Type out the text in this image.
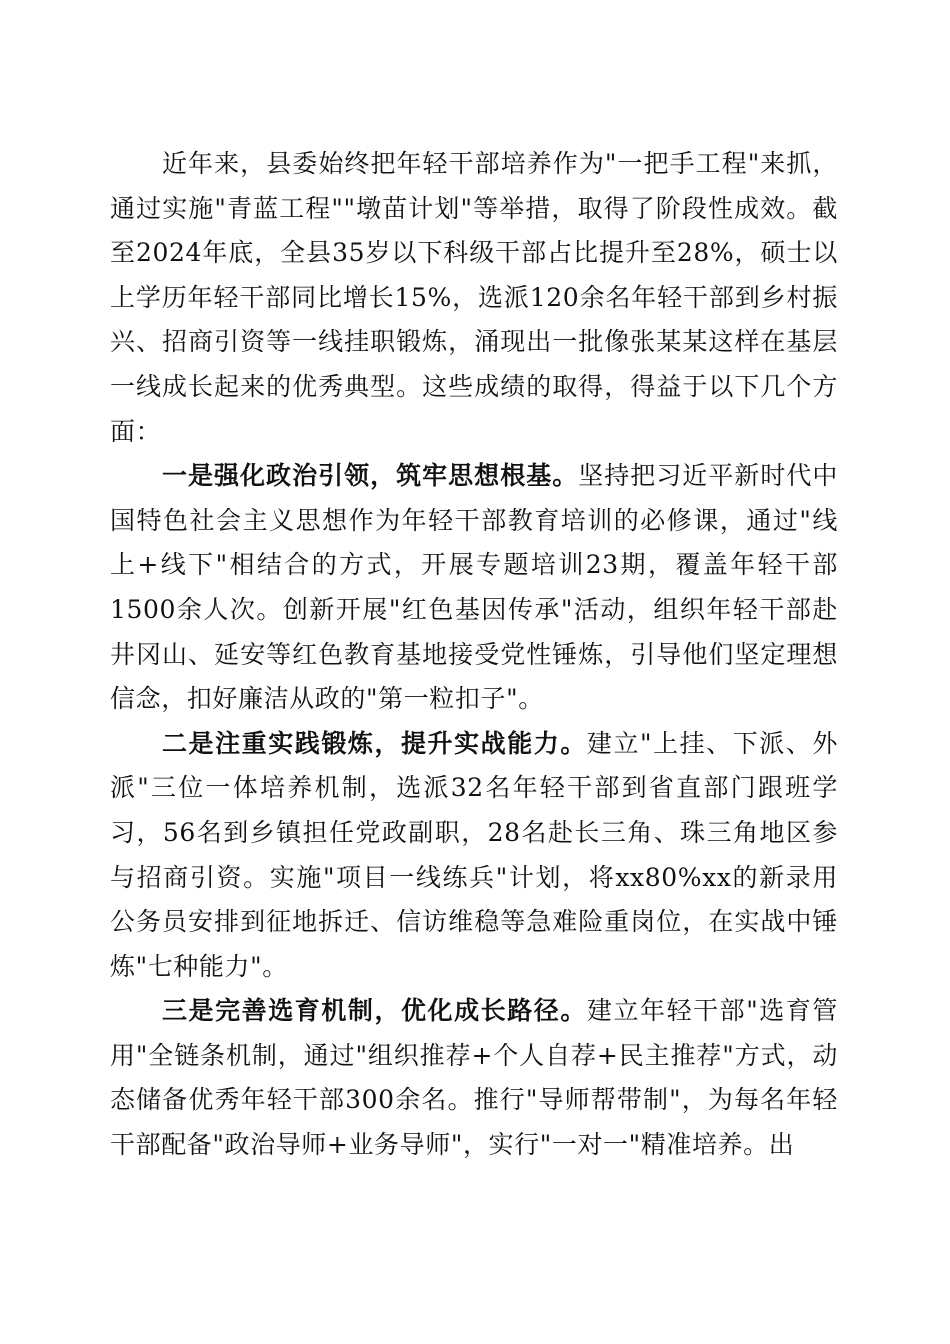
近年来，县委始终把年轻干部培养作为"一把手工程"来抓，通过实施"青蓝工程""墩苗计划"等举措，取得了阶段性成效。截至2024年底，全县35岁以下科级干部占比提升至28%，硕士以上学历年轻干部同比增长15%，选派120余名年轻干部到乡村振兴、招商引资等一线挂职锻炼，涌现出一批像张某某这样在基层一线成长起来的优秀典型。这些成绩的取得，得益于以下几个方面：

一是强化政治引领，筑牢思想根基。坚持把习近平新时代中国特色社会主义思想作为年轻干部教育培训的必修课，通过"线上+线下"相结合的方式，开展专题培训23期，覆盖年轻干部1500余人次。创新开展"红色基因传承"活动，组织年轻干部赴井冈山、延安等红色教育基地接受党性锤炼，引导他们坚定理想信念，扣好廉洁从政的"第一粒扣子"。

二是注重实践锻炼，提升实战能力。建立"上挂、下派、外派"三位一体培养机制，选派32名年轻干部到省直部门跟班学习，56名到乡镇担任党政副职，28名赴长三角、珠三角地区参与招商引资。实施"项目一线练兵"计划，将xx80%xx的新录用公务员安排到征地拆迁、信访维稳等急难险重岗位，在实战中锤炼"七种能力"。

三是完善选育机制，优化成长路径。建立年轻干部"选育管用"全链条机制，通过"组织推荐+个人自荐+民主推荐"方式，动态储备优秀年轻干部300余名。推行"导师帮带制"，为每名年轻干部配备"政治导师+业务导师"，实行"一对一"精准培养。出
